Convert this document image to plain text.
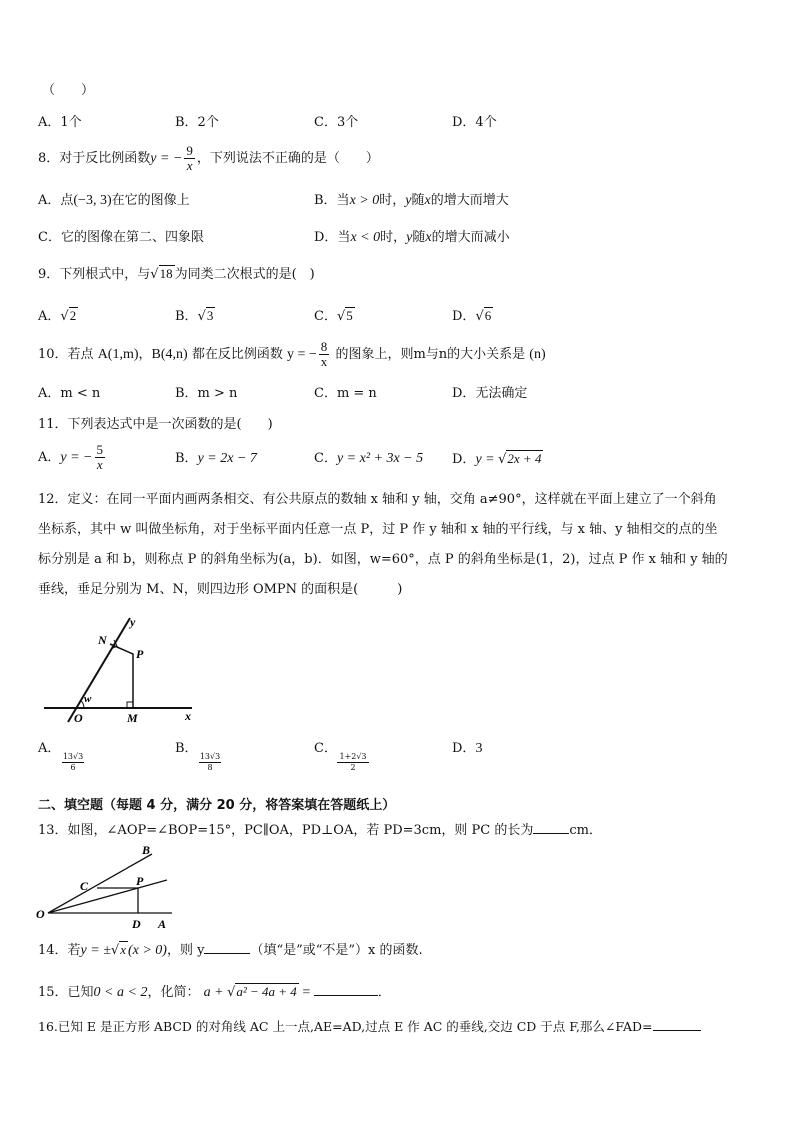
（　　）
A．1个	B．2个	C．3个	D．4个
8．对于反比例函数y = − $\frac{9}{x}$ ，下列说法不正确的是（　　）
A．点(−3, 3)在它的图像上	B．当x > 0时，y随x的增大而增大
C．它的图像在第二、四象限	D．当x < 0时，y随x的增大而减小
9．下列根式中，与√18 为同类二次根式的是(　)
A．√2	B．√3	C．√5	D．√6
10．若点 A(1,m)，B(4,n) 都在反比例函数 y = − $\frac{8}{x}$ 的图象上，则m与n的大小关系是 (n)
A．m < n	B．m > n	C．m = n	D．无法确定
11．下列表达式中是一次函数的是(　　)
A．y = − $\frac{5}{x}$	B．y = 2x − 7	C．y = x² + 3x − 5 D．y = √2x + 4
12．定义：在同一平面内画两条相交、有公共原点的数轴 x 轴和 y 轴，交角 a≠90°，这样就在平面上建立了一个斜角
坐标系，其中 w 叫做坐标角，对于坐标平面内任意一点 P，过 P 作 y 轴和 x 轴的平行线，与 x 轴、y 轴相交的点的坐
标分别是 a 和 b，则称点 P 的斜角坐标为(a，b)．如图，w=60°，点 P 的斜角坐标是(1，2)，过点 P 作 x 轴和 y 轴的
垂线，垂足分别为 M、N，则四边形 OMPN 的面积是(　　　)
N
y
P
w
O	M	x
A．
13√3
6
B．
13√3
8
C．
1+2√3
2
D．3
二、填空题（每题 4 分，满分 20 分，将答案填在答题纸上）
13．如图，∠AOP=∠BOP=15°，PC∥OA，PD⊥OA，若 PD=3cm，则 PC 的长为	cm．
B
C	P
O
D A
14．若y = ±√x (x > 0)，则 y	（填“是”或“不是”）x 的函数.
15．已知0 < a < 2，化简： a + √a² − 4a + 4 =	．
16.已知 E 是正方形 ABCD 的对角线 AC 上一点,AE=AD,过点 E 作 AC 的垂线,交边 CD 于点 F,那么∠FAD=
